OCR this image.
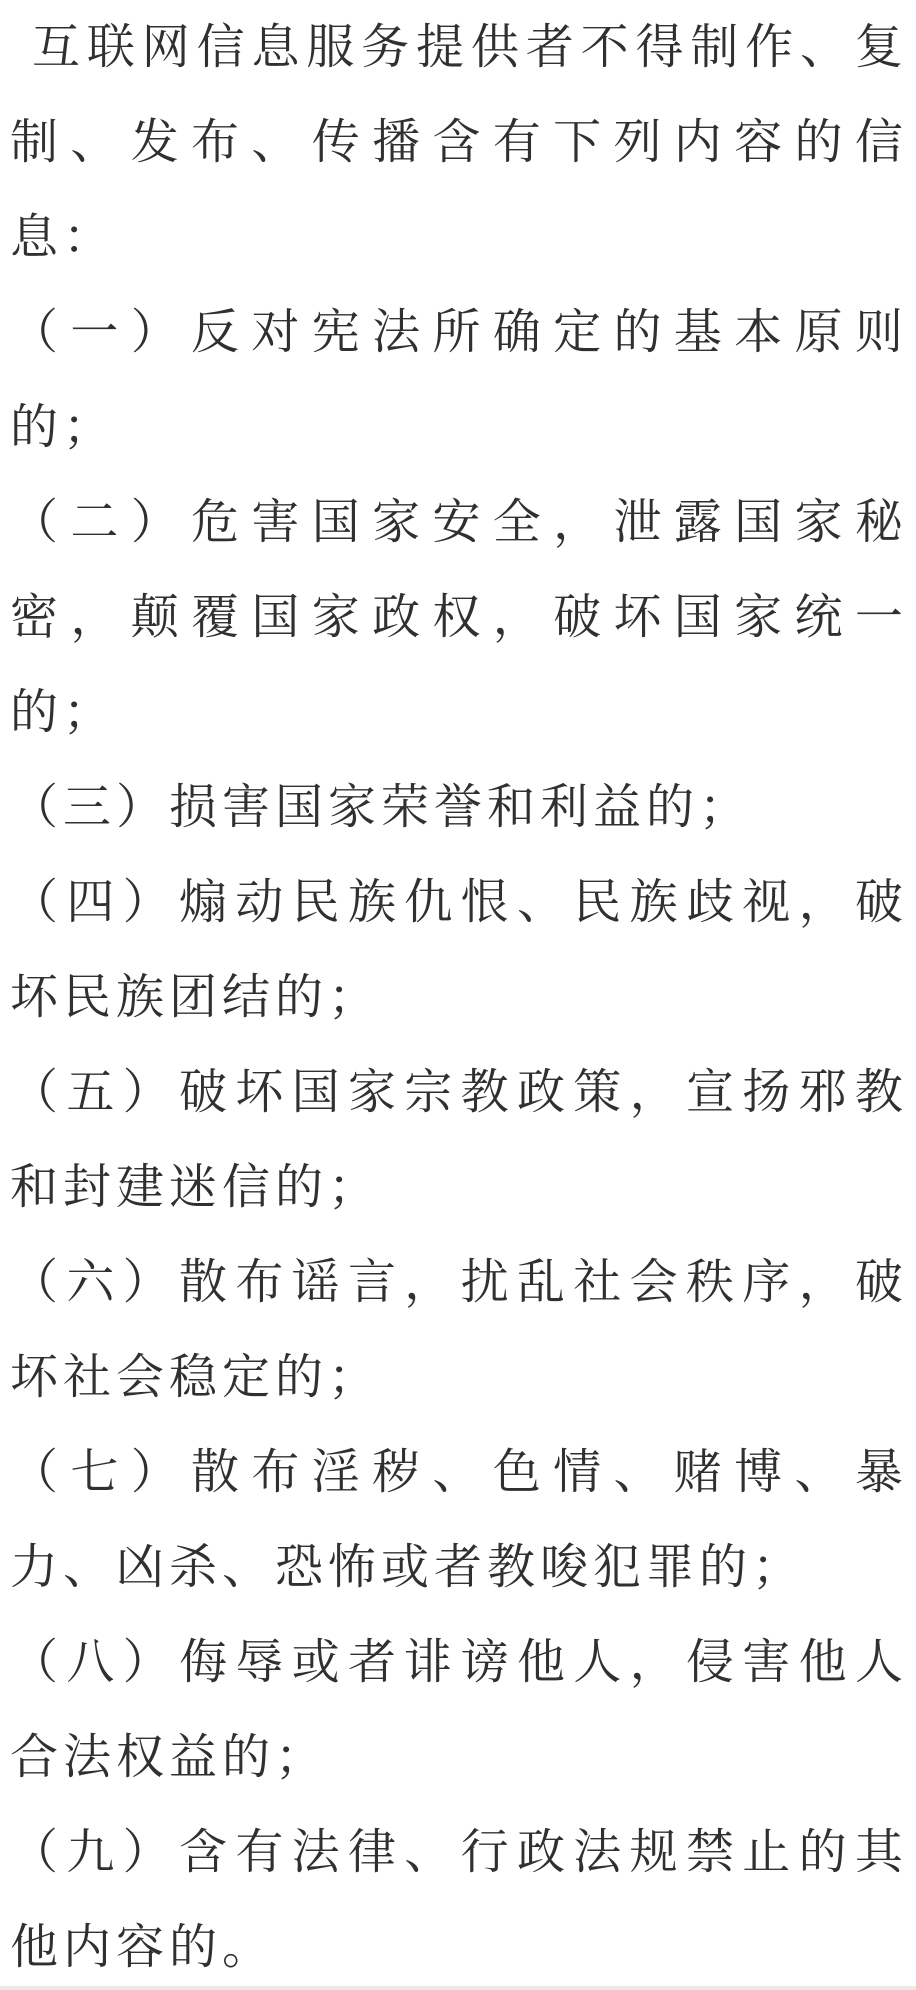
互 联 网 信 息 服 务 提 供 者 不 得 制 作 、 复
制 、 发 布 、 传 播 含 有 下 列 内 容 的 信
息：
（ 一 ） 反 对 宪 法 所 确 定 的 基 本 原 则
的；
（ 二 ） 危 害 国 家 安 全 ， 泄 露 国 家 秘
密 ， 颠 覆 国 家 政 权 ， 破 坏 国 家 统 一
的；
（三）损害国家荣誉和利益的；
（ 四 ） 煽 动 民 族 仇 恨 、 民 族 歧 视 ， 破
坏民族团结的；
（ 五 ） 破 坏 国 家 宗 教 政 策 ， 宣 扬 邪 教
和封建迷信的；
（ 六 ） 散 布 谣 言 ， 扰 乱 社 会 秩 序 ， 破
坏社会稳定的；
（ 七 ） 散 布 淫 秽 、 色 情 、 赌 博 、 暴
力、凶杀、恐怖或者教唆犯罪的；
（ 八 ） 侮 辱 或 者 诽 谤 他 人 ， 侵 害 他 人
合法权益的；
（ 九 ） 含 有 法 律 、 行 政 法 规 禁 止 的 其
他内容的。
